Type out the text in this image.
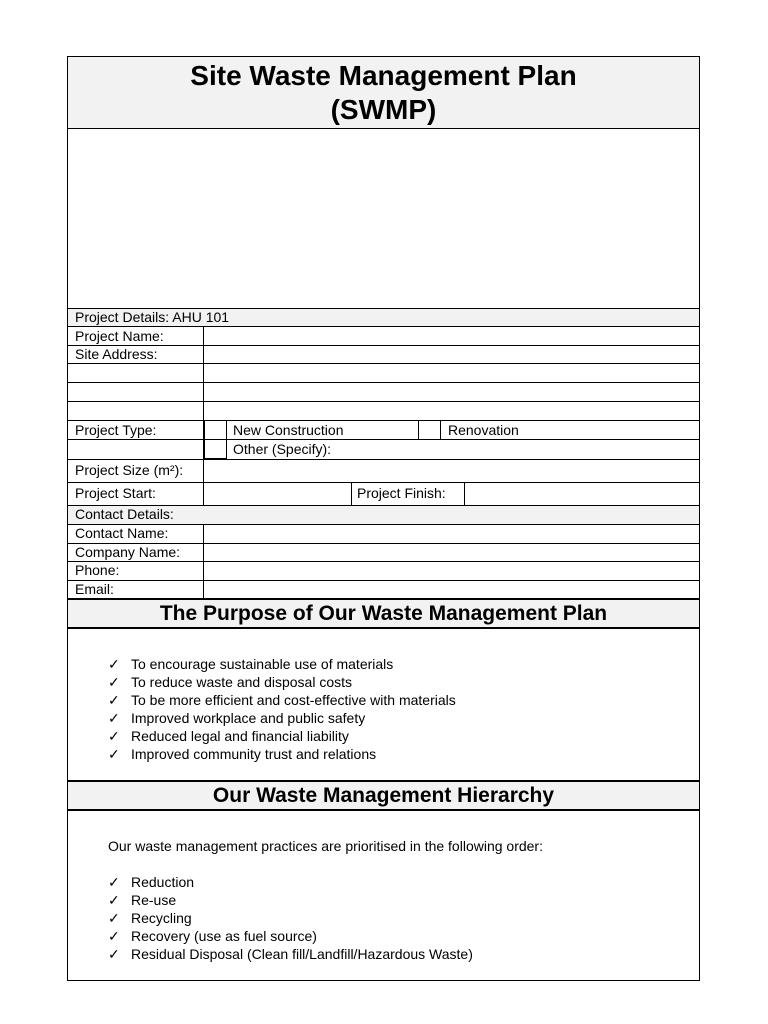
Site Waste Management Plan
(SWMP)
Project Details: AHU 101
Project Name:
Site Address:
Project Type:	New Construction	Renovation
Other (Specify):
Project Size (m²):
Project Start:	Project Finish:
Contact Details:
Contact Name:
Company Name:
Phone:
Email:
The Purpose of Our Waste Management Plan
✓ To encourage sustainable use of materials
✓ To reduce waste and disposal costs
✓ To be more efficient and cost-effective with materials
✓ Improved workplace and public safety
✓ Reduced legal and financial liability
✓ Improved community trust and relations
Our Waste Management Hierarchy
Our waste management practices are prioritised in the following order:
✓ Reduction
✓ Re-use
✓ Recycling
✓ Recovery (use as fuel source)
✓ Residual Disposal (Clean fill/Landfill/Hazardous Waste)
